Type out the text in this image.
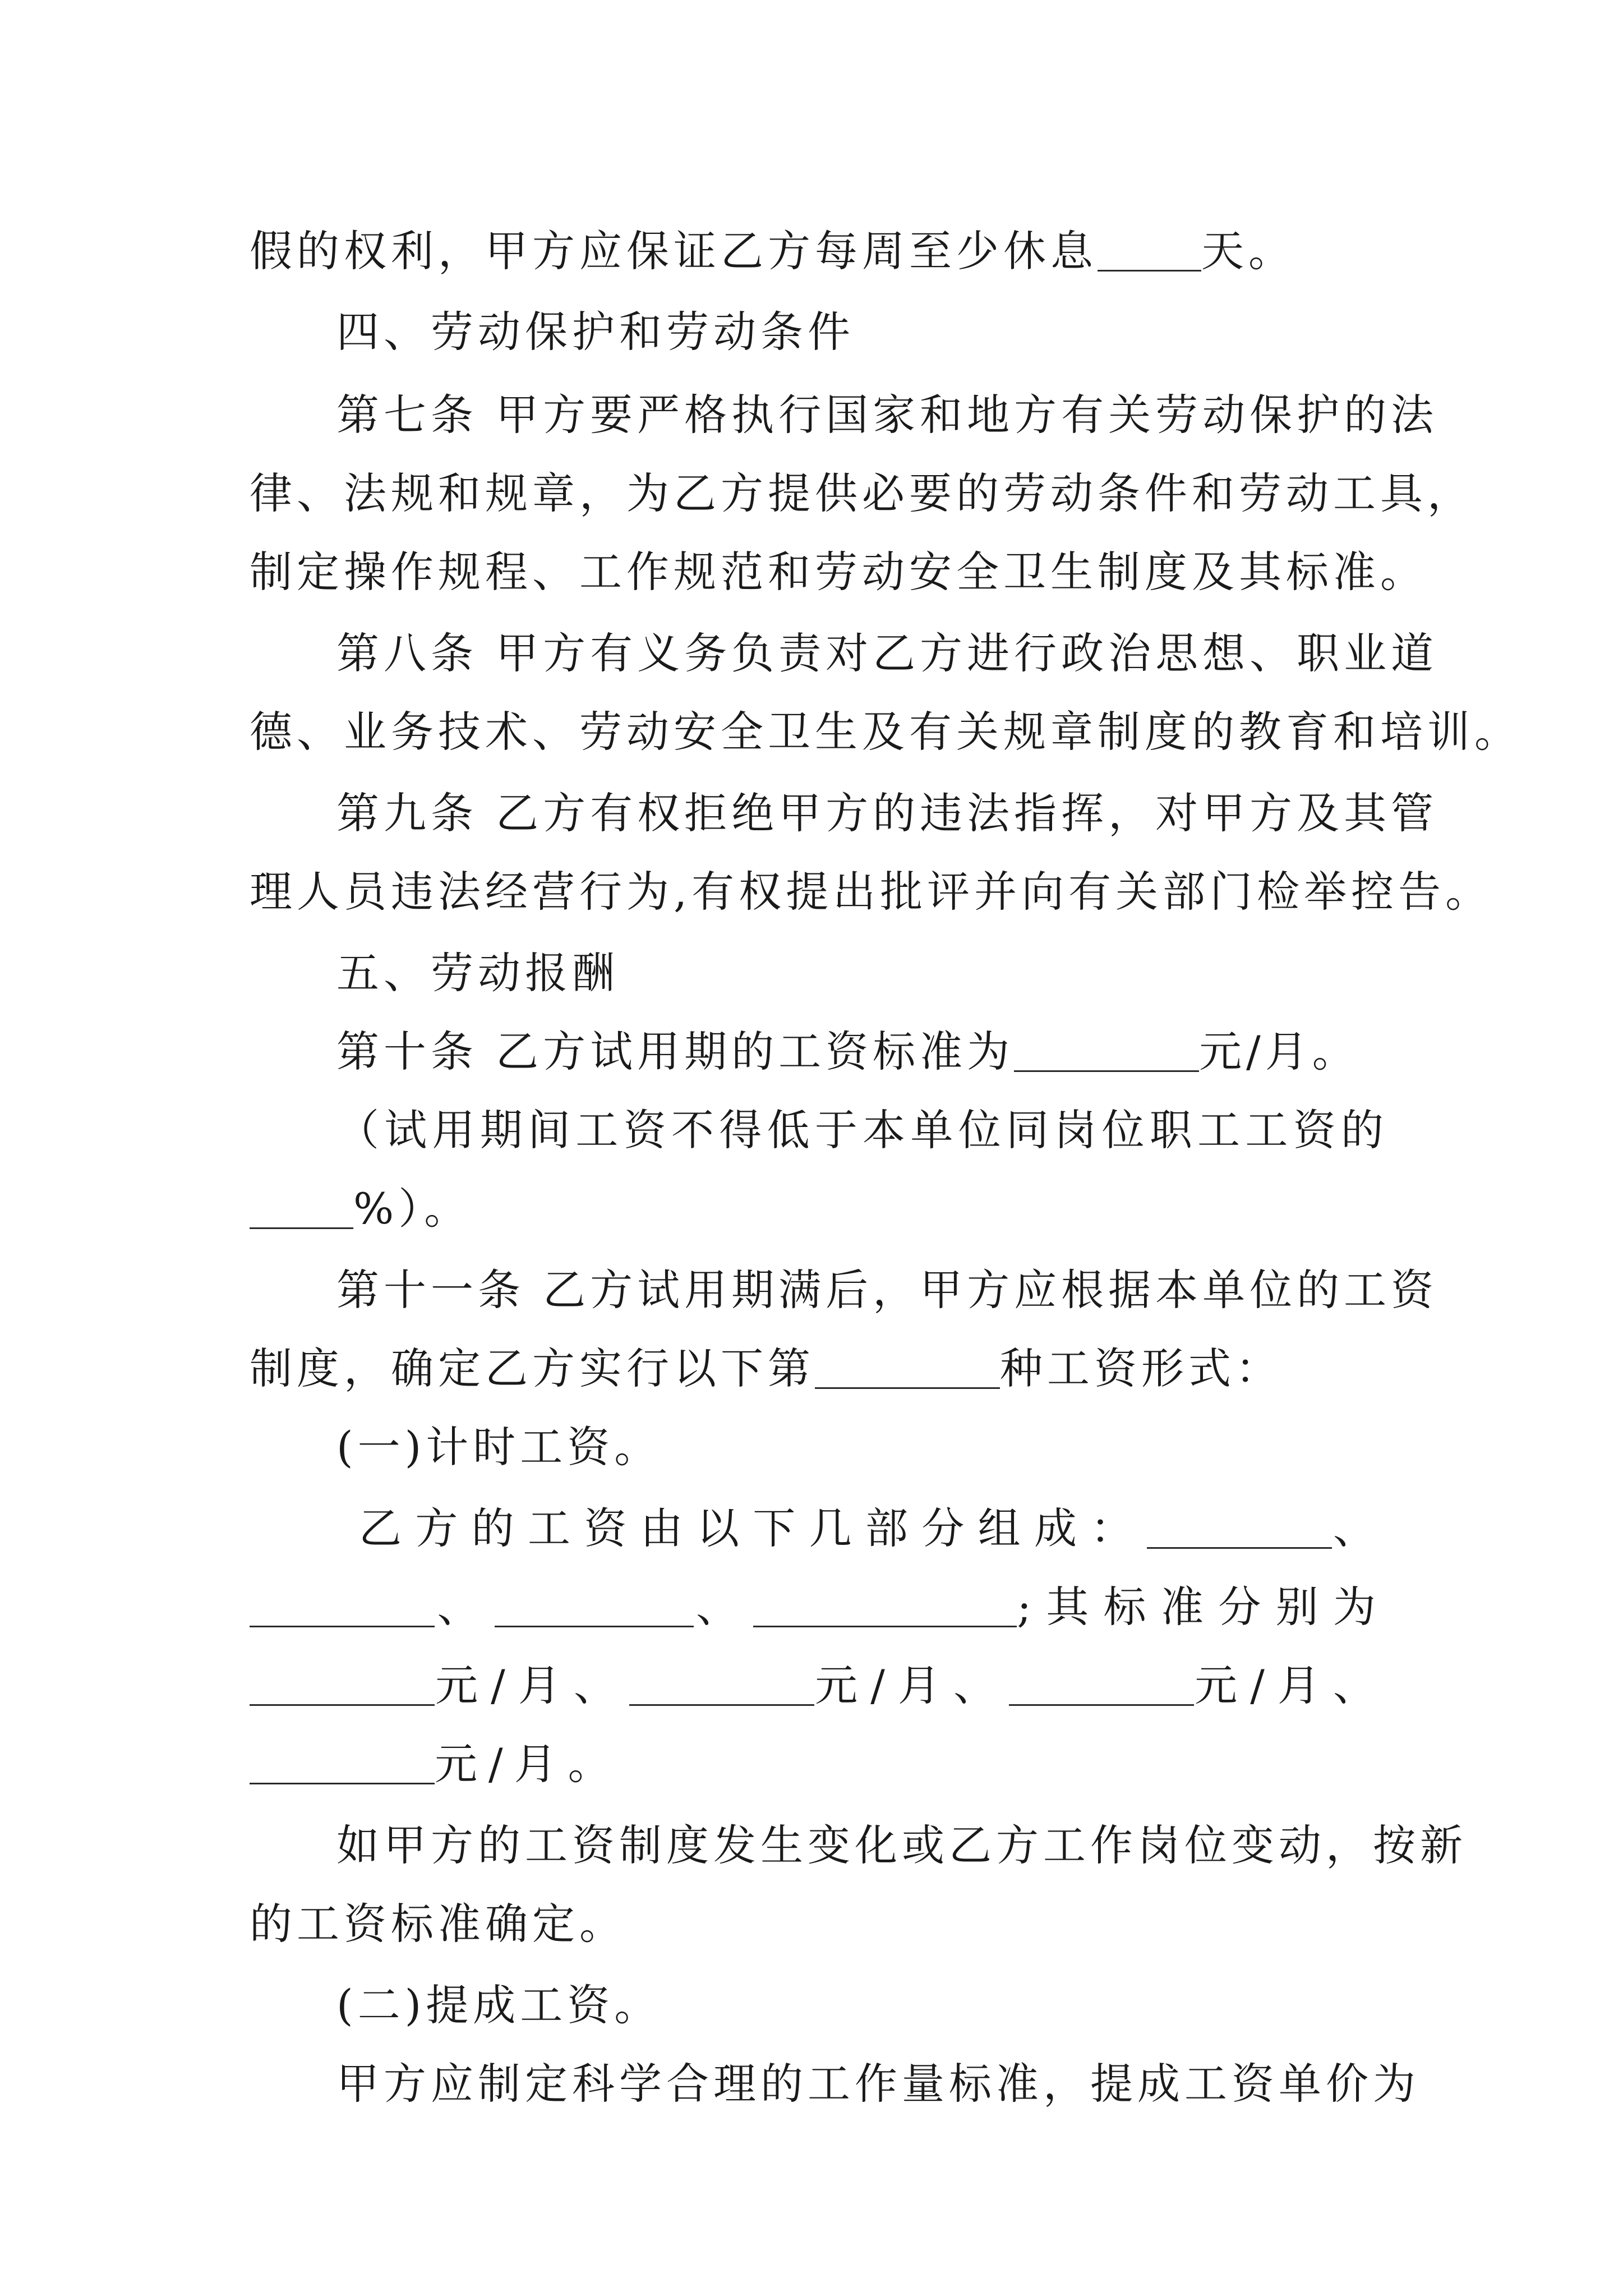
假的权利，甲方应保证乙方每周至少休息 天。
四、劳动保护和劳动条件
第七条 甲方要严格执行国家和地方有关劳动保护的法
律、法规和规章，为乙方提供必要的劳动条件和劳动工具，
制定操作规程、工作规范和劳动安全卫生制度及其标准。
第八条 甲方有义务负责对乙方进行政治思想、职业道
德、业务技术、劳动安全卫生及有关规章制度的教育和培训。
第九条 乙方有权拒绝甲方的违法指挥，对甲方及其管
理人员违法经营行为,有权提出批评并向有关部门检举控告。
五、劳动报酬
第十条 乙方试用期的工资标准为	元/月。
（试用期间工资不得低于本单位同岗位职工工资的
%）。
第十一条 乙方试用期满后，甲方应根据本单位的工资
制度，确定乙方实行以下第	种工资形式：
(一)计时工资。
乙方的工资由以下几部分组成：	、
、	、	;其标准分别为
元/月、	元/月、	元/月、
元/月。
如甲方的工资制度发生变化或乙方工作岗位变动，按新
的工资标准确定。
(二)提成工资。
甲方应制定科学合理的工作量标准，提成工资单价为
